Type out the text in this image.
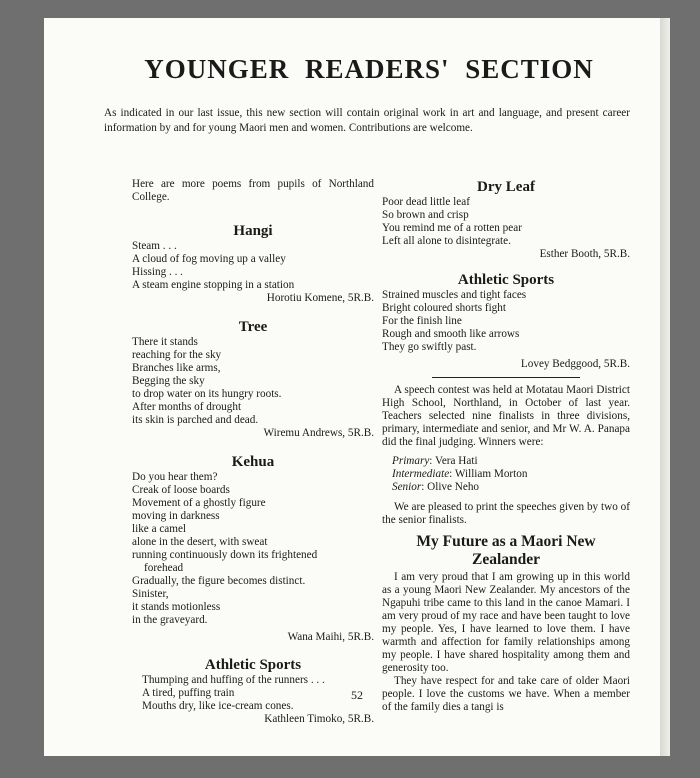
YOUNGER READERS' SECTION

As indicated in our last issue, this new section will contain original work in art and language, and present career information by and for young Maori men and women. Contributions are welcome.

Here are more poems from pupils of Northland College.

Hangi
Steam . . .
A cloud of fog moving up a valley
Hissing . . .
A steam engine stopping in a station

Horotiu Komene, 5R.B.

Tree
There it stands
reaching for the sky
Branches like arms,
Begging the sky
to drop water on its hungry roots.
After months of drought
its skin is parched and dead.

Wiremu Andrews, 5R.B.

Kehua
Do you hear them?
Creak of loose boards
Movement of a ghostly figure
moving in darkness
like a camel
alone in the desert, with sweat
running continuously down its frightened
forehead
Gradually, the figure becomes distinct.
Sinister,
it stands motionless
in the graveyard.

Wana Maihi, 5R.B.

Athletic Sports
Thumping and huffing of the runners . . .
A tired, puffing train
Mouths dry, like ice-cream cones.

Kathleen Timoko, 5R.B.

Dry Leaf
Poor dead little leaf
So brown and crisp
You remind me of a rotten pear
Left all alone to disintegrate.

Esther Booth, 5R.B.

Athletic Sports
Strained muscles and tight faces
Bright coloured shorts fight
For the finish line
Rough and smooth like arrows
They go swiftly past.

Lovey Bedggood, 5R.B.

A speech contest was held at Motatau Maori District High School, Northland, in October of last year. Teachers selected nine finalists in three divisions, primary, intermediate and senior, and Mr W. A. Panapa did the final judging. Winners were:

Primary: Vera Hati
Intermediate: William Morton
Senior: Olive Neho

We are pleased to print the speeches given by two of the senior finalists.

My Future as a Maori New Zealander

I am very proud that I am growing up in this world as a young Maori New Zealander. My ancestors of the Ngapuhi tribe came to this land in the canoe Mamari. I am very proud of my race and have been taught to love my people. Yes, I have learned to love them. I have warmth and affection for family relationships among my people. I have shared hospitality among them and generosity too.

They have respect for and take care of older Maori people. I love the customs we have. When a member of the family dies a tangi is

52
